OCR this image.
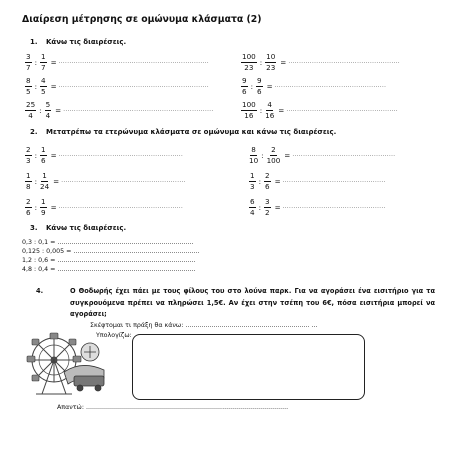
Διαίρεση μέτρησης σε ομώνυμα κλάσματα (2)
1. Κάνω τις διαιρέσεις.
$\frac{3}{7}$ : $\frac{1}{7}$ = ......................................................................
$\frac{8}{5}$ : $\frac{4}{5}$ = ......................................................................
$\frac{25}{4}$ : $\frac{5}{4}$ = ......................................................................
$\frac{100}{23}$ : $\frac{10}{23}$ = ....................................................
$\frac{9}{6}$ : $\frac{9}{6}$ = ....................................................
$\frac{100}{16}$ : $\frac{4}{16}$ = ....................................................
2. Μετατρέπω τα ετερώνυμα κλάσματα σε ομώνυμα και κάνω τις διαιρέσεις.
$\frac{2}{3}$ : $\frac{1}{6}$ = ..........................................................
$\frac{1}{8}$ : $\frac{1}{24}$ = ..........................................................
$\frac{2}{6}$ : $\frac{1}{9}$ = ..........................................................
$\frac{8}{10}$ : $\frac{2}{100}$ = ................................................
$\frac{1}{3}$ : $\frac{2}{6}$ = ................................................
$\frac{6}{4}$ : $\frac{3}{2}$ = ................................................
3. Κάνω τις διαιρέσεις.
0,3 : 0,1 = ....................................................................
0,125 : 0,005 = ...............................................................
1,2 : 0,6 = .....................................................................
4,8 : 0,4 = .....................................................................
4.	Ο Θοδωρής έχει πάει με τους φίλους του στο λούνα παρκ. Για να αγοράσει ένα εισιτήριο για τα συγκρουόμενα πρέπει να πληρώσει 1,5€. Αν έχει στην τσέπη του 6€, πόσα εισιτήρια μπορεί να αγοράσει;
Σκέφτομαι τι πράξη θα κάνω: .............................................................. ...
Υπολογίζω:
Απαντώ: .....................................................................................................
